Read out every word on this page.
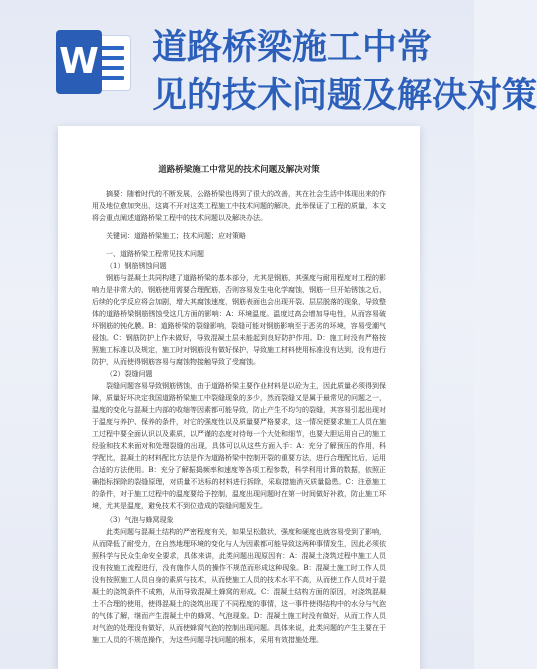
W 道路桥梁施工中常
见的技术问题及解决对策
道路桥梁施工中常见的技术问题及解决对策

摘要：随着时代的不断发展，公路桥梁也得到了很大的改善，其在社会生活中体现出来的作用及地位愈加突出，这离不开对这类工程施工中技术问题的解决，此举保证了工程的质量，本文将会重点阐述道路桥梁工程中的技术问题以及解决办法。

关键词：道路桥梁施工；技术问题；应对策略

一、道路桥梁工程常见技术问题

（1）钢筋锈蚀问题

钢筋与混凝土共同构建了道路桥梁的基本部分，尤其是钢筋，其强度与耐用程度对工程的影响力是非常大的，钢筋使用需要合理配筋，否则容易发生电化学腐蚀，钢筋一旦开始锈蚀之后，后续的化学反应将会加剧，增大其腐蚀速度，钢筋表面也会出现开裂、层层脱落的现象，导致整体的道路桥梁钢筋锈蚀受这几方面的影响：A：环境温度。温度过高会增加导电性，从而容易破坏钢筋的钝化膜。B：道路桥梁的裂缝影响，裂缝可能对钢筋影响至于恶劣的环境，容易受潮气侵蚀。C：钢筋防护上作未做好，导致混凝土层未能起到良好防护作用。D：施工时没有严格按照施工标准以及规定，施工时对钢筋没有做好保护，导致施工材料使用标准没有达到，没有进行防护，从而使得钢筋容易与腐蚀物接触导致了受腐蚀。

（2）裂缝问题

裂缝问题容易导致钢筋锈蚀，由于道路桥梁主要作业材料是以砼为主，因此质量必须得到保障，质量好坏决定我国道路桥梁施工中裂缝现象的多少，然而裂缝又是属于最常见的问题之一，温度的变化与混凝土内部的收缩等因素都可能导致，防止产生不均匀的裂缝，其容易引起出现对于温度与养护、保养的条件，对它的强度性以及质量要严格要求，这一情况便要求施工人员在施工过程中要全面认识以及素质，以严谨的态度对待每一个大处和细节，也要大胆运用自己的施工经验和技术来面对和处理裂缝的出现，具体可以从这些方面入手：A：充分了解预压的作用，科学配比，混凝土的材料配比方法是作为道路桥梁中控制开裂的重要方法，进行合理配比后，运用合适的方法使用。B：充分了解振捣频率和速度等各项工程参数，科学利用计算的数据，依照正确指标探除的裂缝原理，对质量不达标的材料进行拆除，采取措施消灭质量隐患。C：注意施工的条件，对于施工过程中的温度要给予控制，温度出现问题时在第一时间做好补救，防止施工环境，尤其是温度，避免技术不到位造成的裂缝问题发生。

（3）气泡与蜂窝现象

此类问题与混凝土结构的严密程度有关，如果呈松散状，强度和硬度也就容易受到了影响，从而降低了耐受力，在自然地理环境的变化与人为因素都可能导致这两种事情发生，因此必须依照科学与民众生命安全要求，具体来讲，此类问题出现原因有：A：混凝土浇筑过程中施工人员没有按施工流程进行，没有施作人员的操作不规范而形成这种现象。B：混凝土施工时工作人员没有按照施工人员自身的素质与技术，从而使施工人员的技术水平不高，从而使工作人员对于混凝土的浇筑条件不成熟，从而导致混凝土蜂窝的形成。C：混凝土结构方面的原因，对浇筑混凝土不合理的使用，使得混凝土的浇筑出现了不同程度的事情，这一事件使得结构中的水分与气泡的气体了解，继而产生混凝土中的蜂窝、气泡现象。D：混凝土施工时没有做好，从而工作人员对气泡的处理没有做好，从而使蜂窝气泡的控制出现问题。具体来说，此类问题的产生主要在于施工人员的不规范操作，为这些问题寻找问题的根本，采用有效措施处理。
